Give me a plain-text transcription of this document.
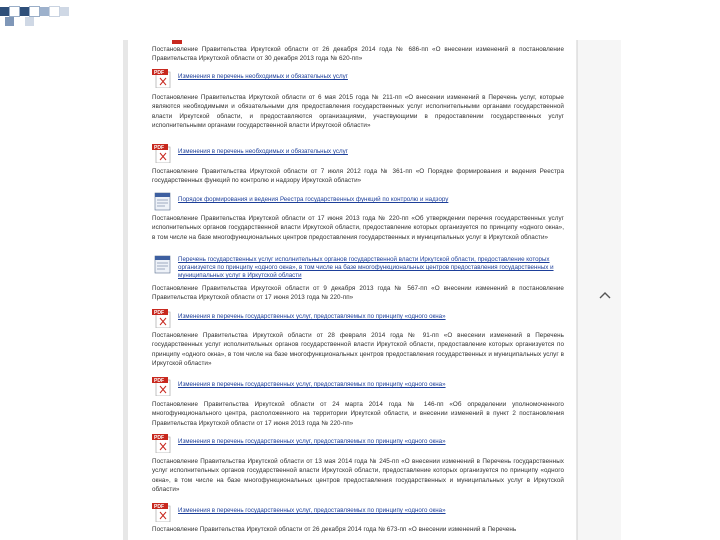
Постановление Правительства Иркутской области от 26 декабря 2014 года № 686-пп «О внесении изменений в постановление Правительства Иркутской области от 30 декабря 2013 года № 620-пп»

PDF Изменения в перечень необходимых и обязательных услуг

Постановление Правительства Иркутской области от 6 мая 2015 года № 211-пп «О внесении изменений в Перечень услуг, которые являются необходимыми и обязательными для предоставления государственных услуг исполнительными органами государственной власти Иркутской области, и предоставляются организациями, участвующими в предоставлении государственных услуг исполнительными органами государственной власти Иркутской области»

PDF Изменения в перечень необходимых и обязательных услуг

Постановление Правительства Иркутской области от 7 июля 2012 года № 361-пп «О Порядке формирования и ведения Реестра государственных функций по контролю и надзору Иркутской области»

Порядок формирования и ведения Реестра государственных функций по контролю и надзору

Постановление Правительства Иркутской области от 17 июня 2013 года № 220-пп «Об утверждении перечня государственных услуг исполнительных органов государственной власти Иркутской области, предоставление которых организуется по принципу «одного окна», в том числе на базе многофункциональных центров предоставления государственных и муниципальных услуг в Иркутской области»

Перечень государственных услуг исполнительных органов государственной власти Иркутской области, предоставление которых организуется по принципу «одного окна», в том числе на базе многофункциональных центров предоставления государственных и муниципальных услуг в Иркутской области

Постановление Правительства Иркутской области от 9 декабря 2013 года № 567-пп «О внесении изменений в постановление Правительства Иркутской области от 17 июня 2013 года № 220-пп»

PDF Изменения в перечень государственных услуг, предоставляемых по принципу «одного окна»

Постановление Правительства Иркутской области от 28 февраля 2014 года № 91-пп «О внесении изменений в Перечень государственных услуг исполнительных органов государственной власти Иркутской области, предоставление которых организуется по принципу «одного окна», в том числе на базе многофункциональных центров предоставления государственных и муниципальных услуг в Иркутской области»

PDF Изменения в перечень государственных услуг, предоставляемых по принципу «одного окна»

Постановление Правительства Иркутской области от 24 марта 2014 года № 146-пп «Об определении уполномоченного многофункционального центра, расположенного на территории Иркутской области, и внесении изменений в пункт 2 постановления Правительства Иркутской области от 17 июня 2013 года № 220-пп»

PDF Изменения в перечень государственных услуг, предоставляемых по принципу «одного окна»

Постановление Правительства Иркутской области от 13 мая 2014 года № 245-пп «О внесении изменений в Перечень государственных услуг исполнительных органов государственной власти Иркутской области, предоставление которых организуется по принципу «одного окна», в том числе на базе многофункциональных центров предоставления государственных и муниципальных услуг в Иркутской области»

PDF Изменения в перечень государственных услуг, предоставляемых по принципу «одного окна»

Постановление Правительства Иркутской области от 26 декабря 2014 года № 673-пп «О внесении изменений в Перечень
